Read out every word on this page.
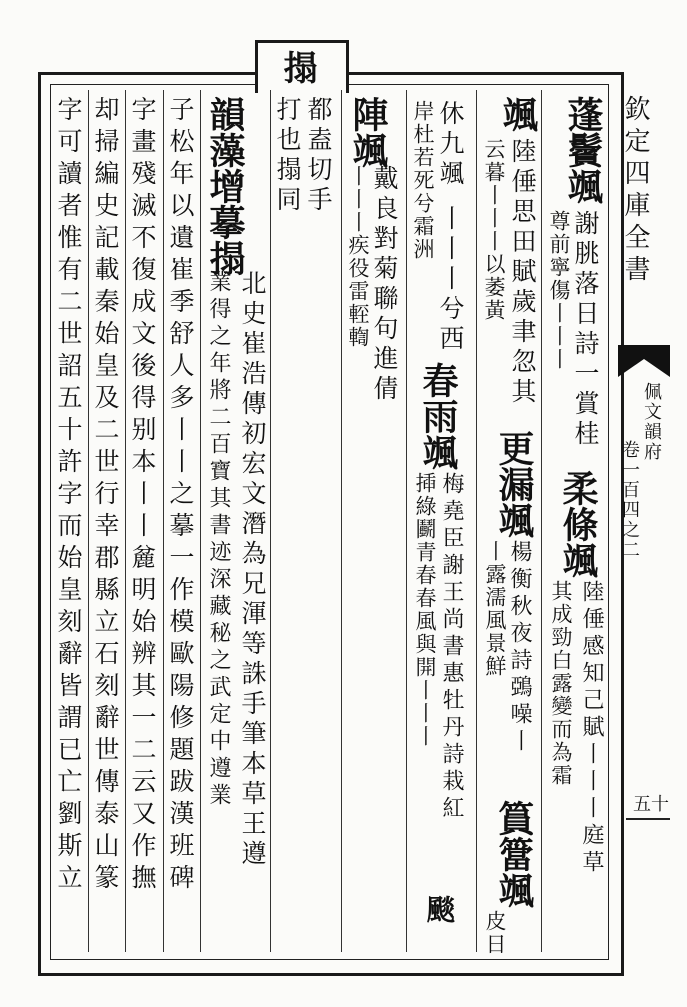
欽定四庫全書
佩文韻府
卷一百四之二
五十
搨
蓬鬢颯
謝朓落日詩一賞桂
尊前寧傷丨丨丨
颯
陸倕思田賦歲聿忽其
云暮丨丨丨以萎黃
休九颯
丨丨丨兮西
岸杜若死兮霜洲
陣颯
戴良對菊聯句進倩
丨丨丨疾役雷䡖輷
都盍切手
打也搨同
韻藻增摹搨
北史崔浩傳初宏文潛為兄渾等誅手筆本草王遵
業得之年將二百寶其書迹深藏秘之武定中遵業
子松年以遺崔季舒人多丨丨之摹一作模歐陽修題跋漢班碑
字畫殘滅不復成文後得别本丨丨麄明始辨其一二云又作撫
却掃編史記載秦始皇及二世行幸郡縣立石刻辭世傳泰山篆
字可讀者惟有二世詔五十許字而始皇刻辭皆謂已亡劉斯立	柔條颯
陸倕感知己賦丨丨丨庭草
其成勁白露變而為霜
更漏颯
楊衡秋夜詩鵶噪丨
丨露濡風景鮮
篔簹颯
皮日
春雨颯
梅堯臣謝王尚書惠牡丹詩栽紅
揷綠鬬青春春風與開丨丨丨
颷
